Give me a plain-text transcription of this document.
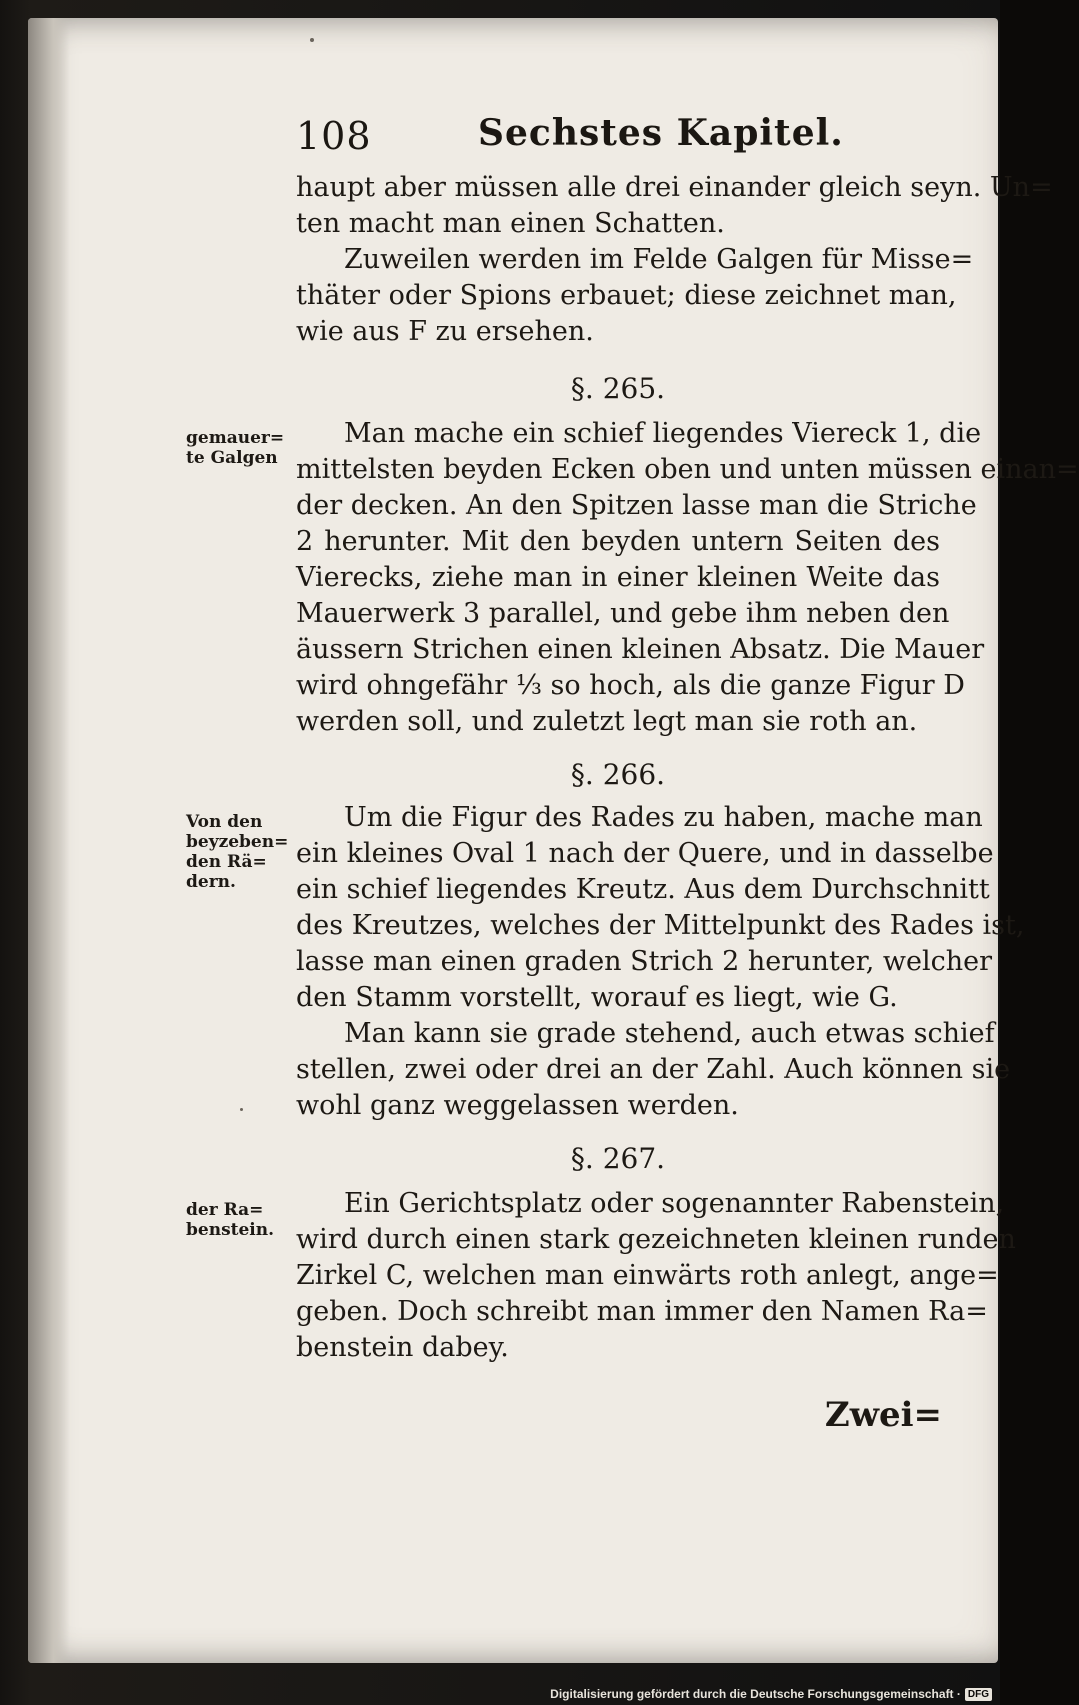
108	Sechstes Kapitel.
haupt aber müssen alle drei einander gleich seyn. Un=
ten macht man einen Schatten.
Zuweilen werden im Felde Galgen für Misse=
thäter oder Spions erbauet; diese zeichnet man,
wie aus F zu ersehen.
§. 265.
gemauer=
te Galgen
Man mache ein schief liegendes Viereck 1, die
mittelsten beyden Ecken oben und unten müssen einan=
der decken. An den Spitzen lasse man die Striche
2 herunter. Mit den beyden untern Seiten des
Vierecks, ziehe man in einer kleinen Weite das
Mauerwerk 3 parallel, und gebe ihm neben den
äussern Strichen einen kleinen Absatz. Die Mauer
wird ohngefähr ⅓ so hoch, als die ganze Figur D
werden soll, und zuletzt legt man sie roth an.
§. 266.
Von den
beyzeben=
den Rä=
dern.
Um die Figur des Rades zu haben, mache man
ein kleines Oval 1 nach der Quere, und in dasselbe
ein schief liegendes Kreutz. Aus dem Durchschnitt
des Kreutzes, welches der Mittelpunkt des Rades ist,
lasse man einen graden Strich 2 herunter, welcher
den Stamm vorstellt, worauf es liegt, wie G.
Man kann sie grade stehend, auch etwas schief
stellen, zwei oder drei an der Zahl. Auch können sie
wohl ganz weggelassen werden.
§. 267.
der Ra=
benstein.
Ein Gerichtsplatz oder sogenannter Rabenstein,
wird durch einen stark gezeichneten kleinen runden
Zirkel C, welchen man einwärts roth anlegt, ange=
geben. Doch schreibt man immer den Namen Ra=
benstein dabey.
Zwei=
Digitalisierung gefördert durch die Deutsche Forschungsgemeinschaft · DFG
